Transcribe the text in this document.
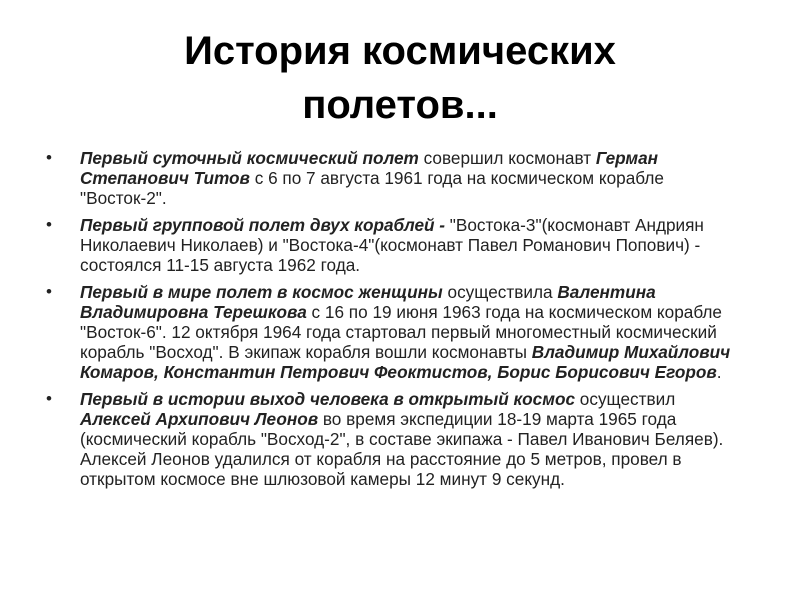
История космических
полетов...
• Первый суточный космический полет совершил космонавт Герман Степанович Титов с 6 по 7 августа 1961 года на космическом корабле "Восток-2".
• Первый групповой полет двух кораблей - "Востока-3"(космонавт Андриян Николаевич Николаев) и "Востока-4"(космонавт Павел Романович Попович) - состоялся 11-15 августа 1962 года.
• Первый в мире полет в космос женщины осуществила Валентина Владимировна Терешкова с 16 по 19 июня 1963 года на космическом корабле "Восток-6". 12 октября 1964 года стартовал первый многоместный космический корабль "Восход". В экипаж корабля вошли космонавты Владимир Михайлович Комаров, Константин Петрович Феоктистов, Борис Борисович Егоров.
• Первый в истории выход человека в открытый космос осуществил Алексей Архипович Леонов во время экспедиции 18-19 марта 1965 года (космический корабль "Восход-2", в составе экипажа - Павел Иванович Беляев). Алексей Леонов удалился от корабля на расстояние до 5 метров, провел в открытом космосе вне шлюзовой камеры 12 минут 9 секунд.
